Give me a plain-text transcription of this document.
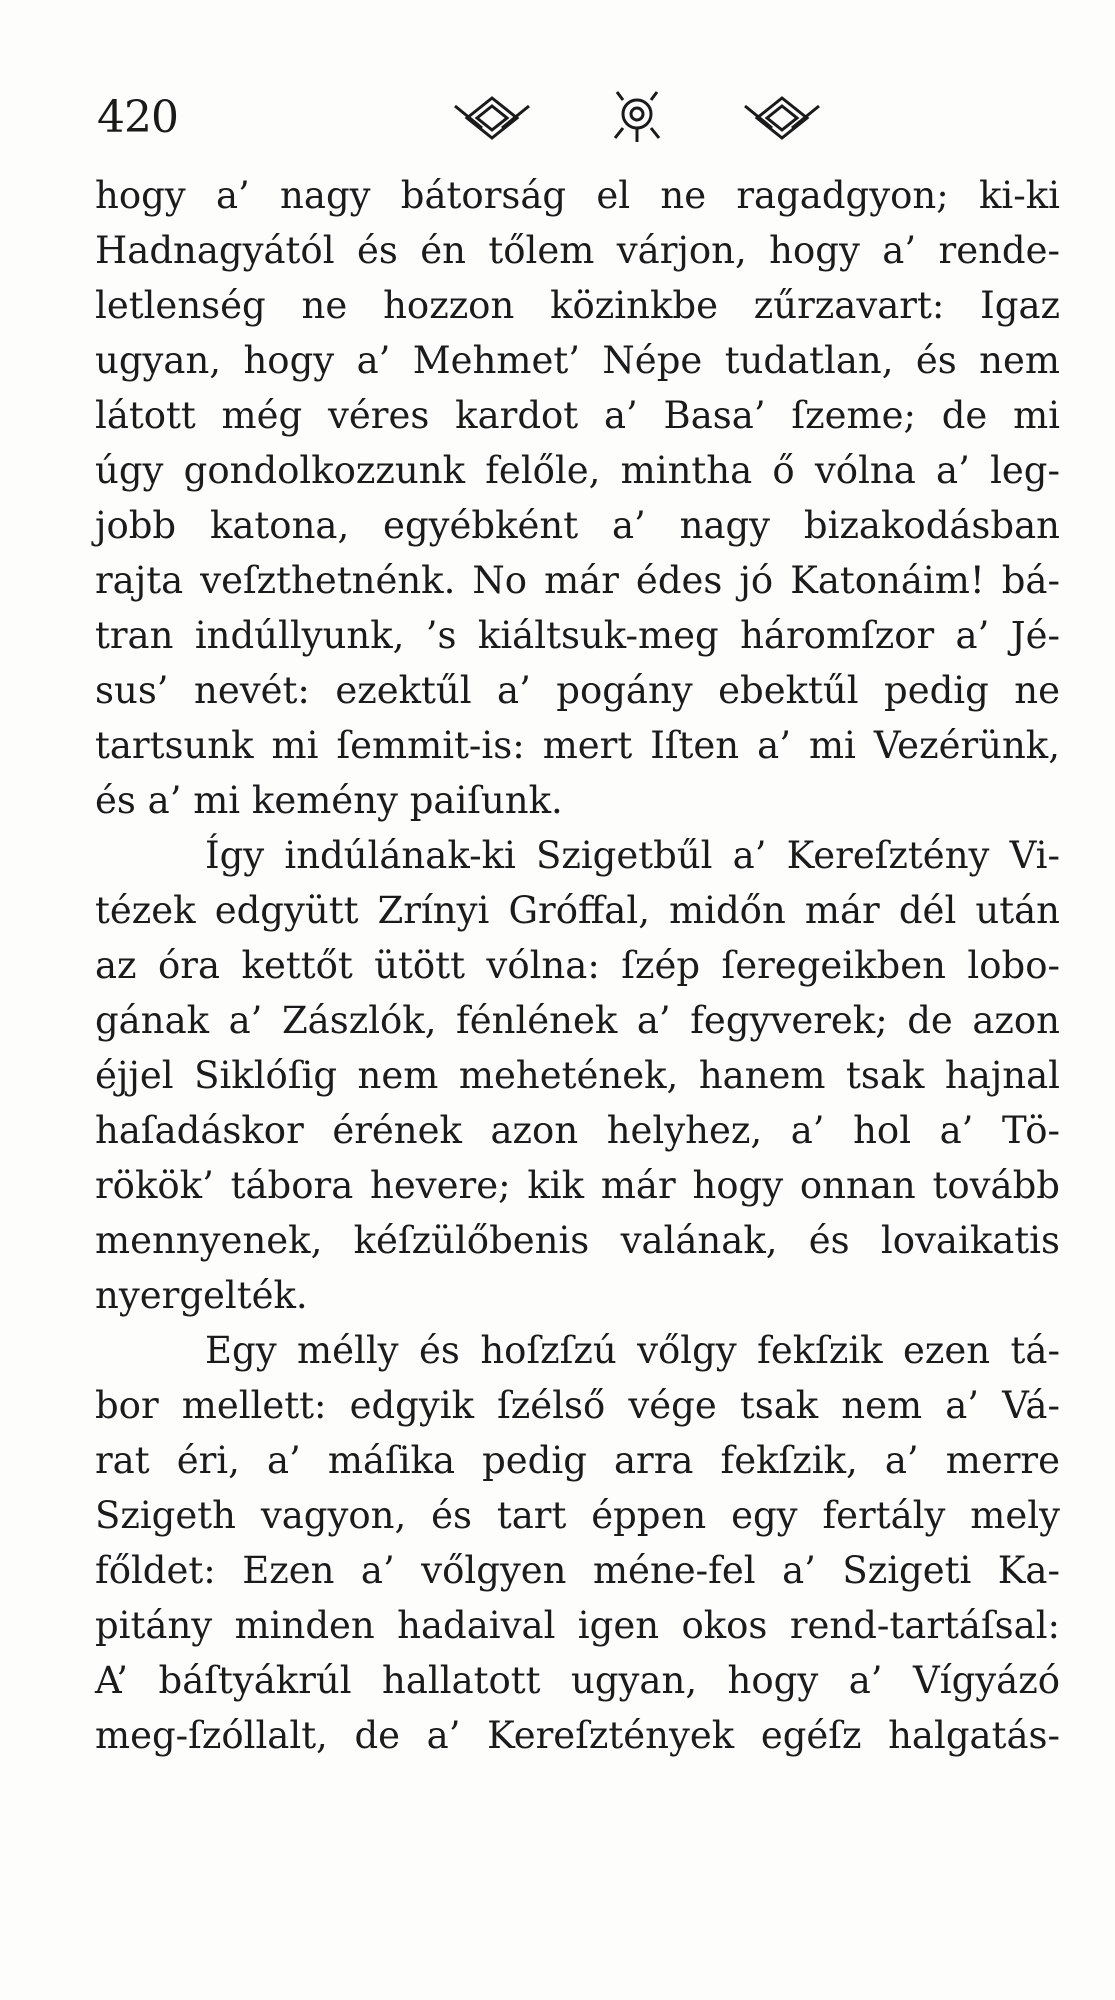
420
hogy a’ nagy bátorság el ne ragadgyon; ki-ki
Hadnagyától és én tőlem várjon, hogy a’ rende-
letlenség ne hozzon közinkbe zűrzavart: Igaz
ugyan, hogy a’ Mehmet’ Népe tudatlan, és nem
látott még véres kardot a’ Basa’ ſzeme; de mi
úgy gondolkozzunk felőle, mintha ő vólna a’ leg-
jobb katona, egyébként a’ nagy bizakodásban
rajta veſzthetnénk. No már édes jó Katonáim! bá-
tran indúllyunk, ’s kiáltsuk-meg háromſzor a’ Jé-
sus’ nevét: ezektűl a’ pogány ebektűl pedig ne
tartsunk mi ſemmit-is: mert Iſten a’ mi Vezérünk,
és a’ mi kemény paiſunk.
Így indúlának-ki Szigetbűl a’ Kereſztény Vi-
tézek edgyütt Zrínyi Gróffal, midőn már dél után
az óra kettőt ütött vólna: ſzép ſeregeikben lobo-
gának a’ Zászlók, fénlének a’ fegyverek; de azon
éjjel Siklóſig nem mehetének, hanem tsak hajnal
haſadáskor érének azon helyhez, a’ hol a’ Tö-
rökök’ tábora hevere; kik már hogy onnan tovább
mennyenek, kéſzülőbenis valának, és lovaikatis
nyergelték.
Egy mélly és hoſzſzú vőlgy fekſzik ezen tá-
bor mellett: edgyik ſzélső vége tsak nem a’ Vá-
rat éri, a’ máſika pedig arra fekſzik, a’ merre
Szigeth vagyon, és tart éppen egy fertály mely
főldet: Ezen a’ vőlgyen méne-fel a’ Szigeti Ka-
pitány minden hadaival igen okos rend-tartáſsal:
A’ báſtyákrúl hallatott ugyan, hogy a’ Vígyázó
meg-ſzóllalt, de a’ Kereſztények egéſz halgatás-
